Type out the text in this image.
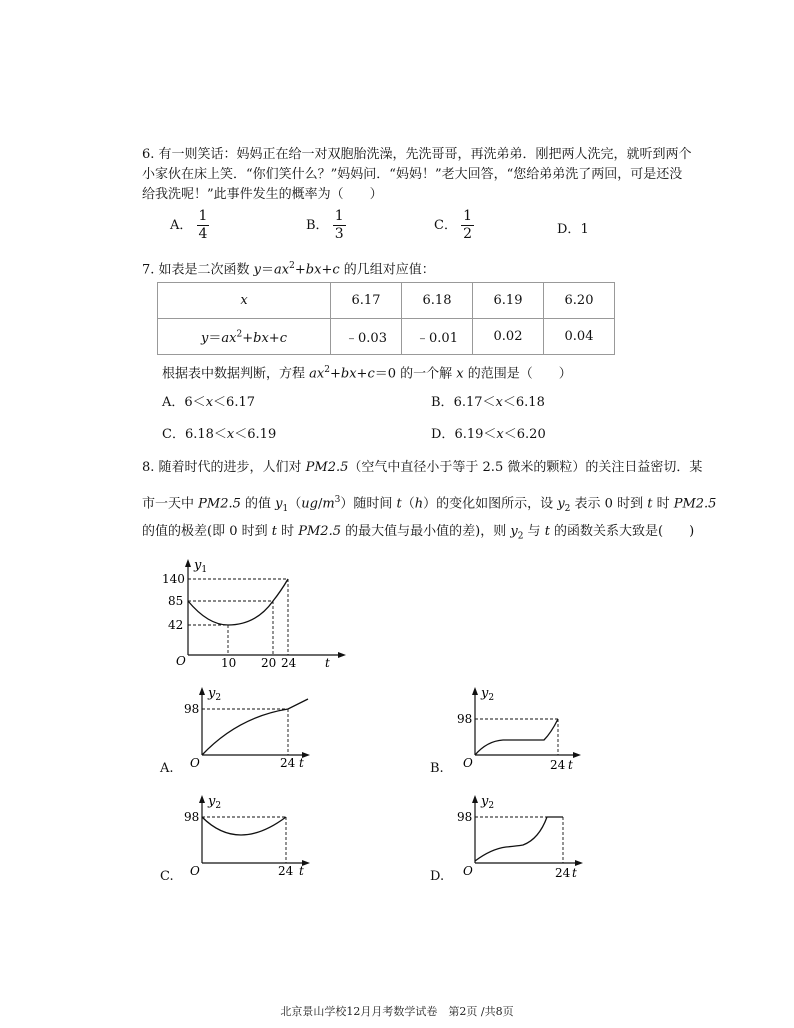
6. 有一则笑话：妈妈正在给一对双胞胎洗澡，先洗哥哥，再洗弟弟．刚把两人洗完，就听到两个
小家伙在床上笑．“你们笑什么？”妈妈问．“妈妈！”老大回答，“您给弟弟洗了两回，可是还没
给我洗呢！”此事件发生的概率为（　　）
A． $\frac{1}{4}$	B． $\frac{1}{3}$	C． $\frac{1}{2}$	D．1
7. 如表是二次函数 $y=ax^2+bx+c$ 的几组对应值：
x	6.17	6.18	6.19	6.20
$y=ax^2+bx+c$	﹣0.03	﹣0.01	0.02	0.04
根据表中数据判断，方程 $ax^2+bx+c=0$ 的一个解 x 的范围是（　　）
A．6＜x＜6.17	B．6.17＜x＜6.18
C．6.18＜x＜6.19	D．6.19＜x＜6.20
8. 随着时代的进步，人们对 PM2.5（空气中直径小于等于 2.5 微米的颗粒）的关注日益密切．某
市一天中 PM2.5 的值 $y_1(ug/m^3)$随时间 t（h）的变化如图所示，设 $y_2$ 表示 0 时到 t 时 PM2.5
的值的极差(即 0 时到 t 时 PM2.5 的最大值与最小值的差)，则 $y_2$ 与 t 的函数关系大致是(　　)
$y_1$
140
85
42
O	10 20 24 t
A.
$y_2$
98
O	24 t	B.
$y_2$
98
O	24 t
C.
$y_2$
98
O	24 t	D.
$y_2$
98
O	24 t
北京景山学校12月月考数学试卷　第2页 /共8页
